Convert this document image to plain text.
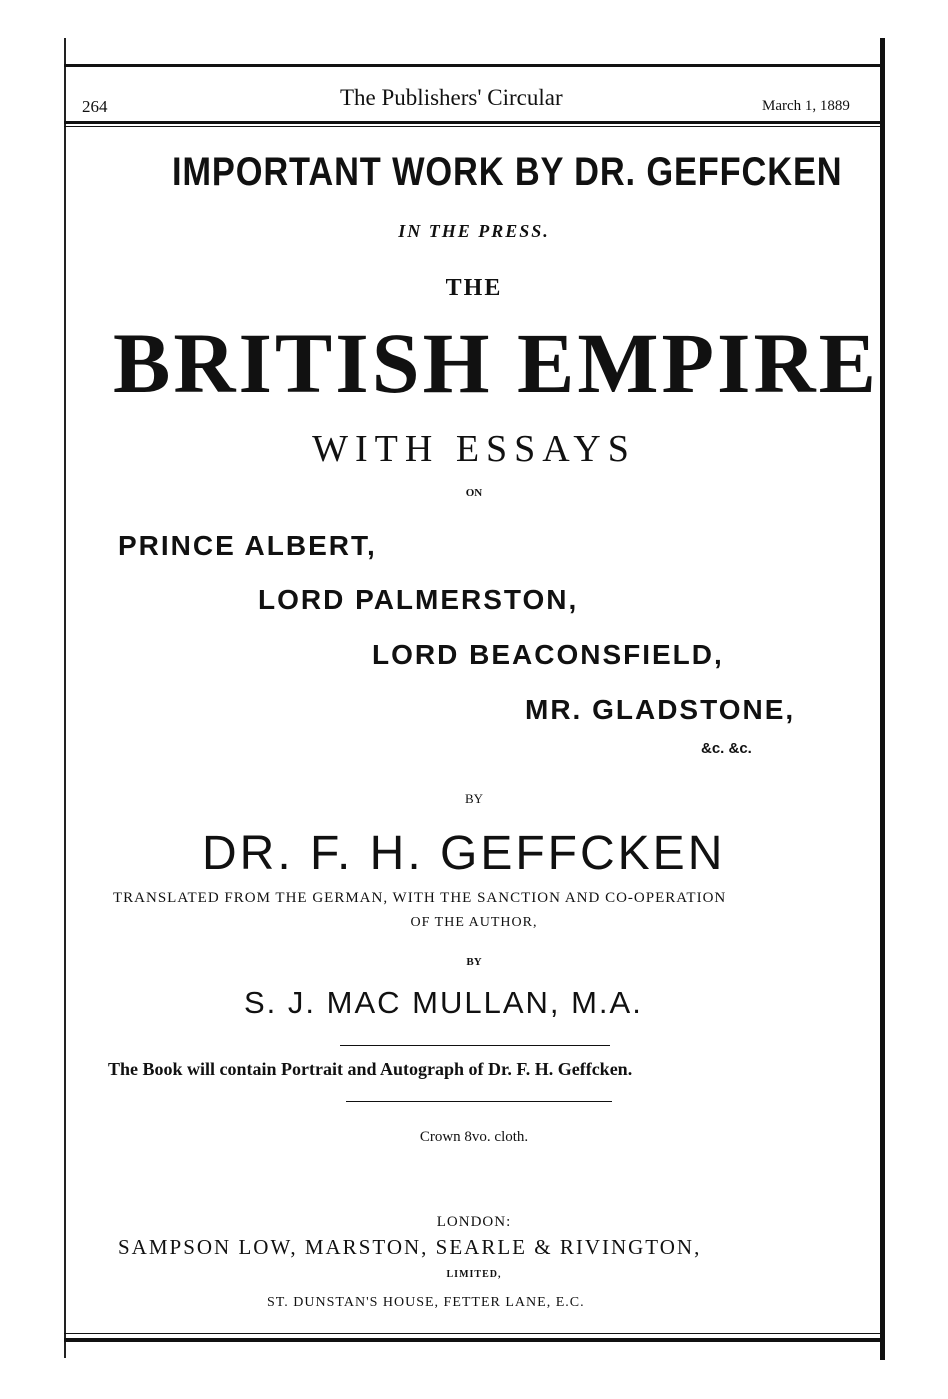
264	The Publishers' Circular	March 1, 1889
IMPORTANT WORK BY DR. GEFFCKEN
IN THE PRESS.
THE
BRITISH EMPIRE
WITH ESSAYS
ON
PRINCE ALBERT,
LORD PALMERSTON,
LORD BEACONSFIELD,
MR. GLADSTONE,
&c. &c.
BY
DR. F. H. GEFFCKEN
TRANSLATED FROM THE GERMAN, WITH THE SANCTION AND CO-OPERATION
OF THE AUTHOR,
BY
S. J. MAC MULLAN, M.A.
The Book will contain Portrait and Autograph of Dr. F. H. Geffcken.
Crown 8vo. cloth.
LONDON:
SAMPSON LOW, MARSTON, SEARLE & RIVINGTON,
LIMITED,
ST. DUNSTAN'S HOUSE, FETTER LANE, E.C.
